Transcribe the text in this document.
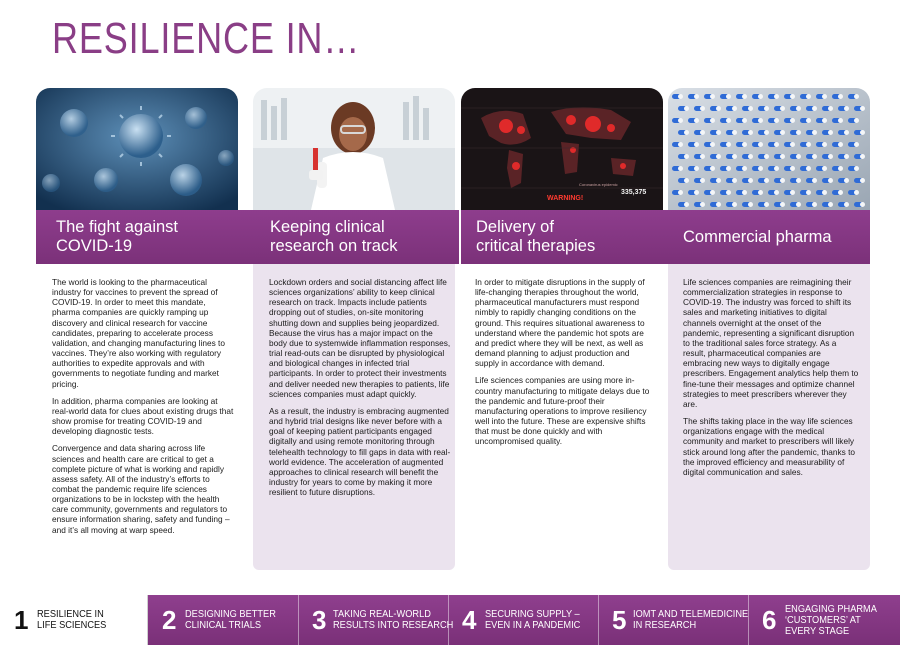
RESILIENCE IN…
WARNING!
335,375
Coronavirus epidemic
The fight against
COVID-19
Keeping clinical
research on track
Delivery of
critical therapies
Commercial pharma

The world is looking to the pharmaceutical industry for vaccines to prevent the spread of COVID-19. In order to meet this mandate, pharma companies are quickly ramping up discovery and clinical research for vaccine candidates, preparing to accelerate process validation, and changing manufacturing lines to vaccines. They’re also working with regulatory authorities to expedite approvals and with governments to negotiate funding and market pricing.

In addition, pharma companies are looking at real-world data for clues about existing drugs that show promise for treating COVID-19 and developing diagnostic tests.

Convergence and data sharing across life sciences and health care are critical to get a complete picture of what is working and rapidly assess safety. All of the industry’s efforts to combat the pandemic require life sciences organizations to be in lockstep with the health care community, governments and regulators to ensure information sharing, safety and funding – and it’s all moving at warp speed.

Lockdown orders and social distancing affect life sciences organizations’ ability to keep clinical research on track. Impacts include patients dropping out of studies, on-site monitoring shutting down and supplies being jeopardized. Because the virus has a major impact on the body due to systemwide inflammation responses, trial read-outs can be disrupted by physiological and biological changes in infected trial participants. In order to protect their investments and deliver needed new therapies to patients, life sciences companies must adapt quickly.

As a result, the industry is embracing augmented and hybrid trial designs like never before with a goal of keeping patient participants engaged digitally and using remote monitoring through telehealth technology to fill gaps in data with real-world evidence. The acceleration of augmented approaches to clinical research will benefit the industry for years to come by making it more resilient to future disruptions.

In order to mitigate disruptions in the supply of life-changing therapies throughout the world, pharmaceutical manufacturers must respond nimbly to rapidly changing conditions on the ground. This requires situational awareness to understand where the pandemic hot spots are and predict where they will be next, as well as demand planning to adjust production and supply in accordance with demand.

Life sciences companies are using more in-country manufacturing to mitigate delays due to the pandemic and future-proof their manufacturing operations to improve resiliency well into the future. These are expensive shifts that must be done quickly and with uncompromised quality.

Life sciences companies are reimagining their commercialization strategies in response to COVID-19. The industry was forced to shift its sales and marketing initiatives to digital channels overnight at the onset of the pandemic, representing a significant disruption to the traditional sales force strategy. As a result, pharmaceutical companies are embracing new ways to digitally engage prescribers. Engagement analytics help them to fine-tune their messages and optimize channel strategies to meet prescribers wherever they are.

The shifts taking place in the way life sciences organizations engage with the medical community and market to prescribers will likely stick around long after the pandemic, thanks to the improved efficiency and measurability of digital communication and sales.

1 RESILIENCE IN
LIFE SCIENCES 2 DESIGNING BETTER
CLINICAL TRIALS	3 TAKING REAL-WORLD
RESULTS INTO RESEARCH 4 SECURING SUPPLY –
EVEN IN A PANDEMIC 5 IOMT AND TELEMEDICINE
IN RESEARCH	6 ENGAGING PHARMA
‘CUSTOMERS’ AT
EVERY STAGE
